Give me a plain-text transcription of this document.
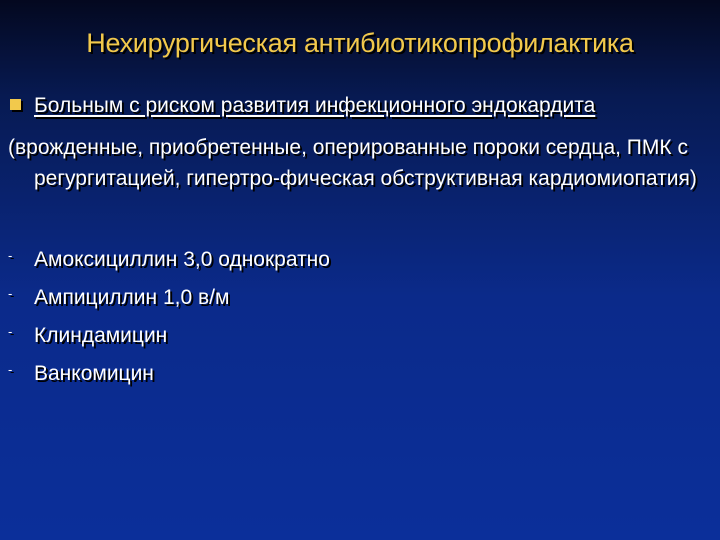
Нехирургическая антибиотикопрофилактика
Больным с риском развития инфекционного эндокардита
(врожденные, приобретенные, оперированные пороки сердца, ПМК с регургитацией, гипертро-фическая обструктивная кардиомиопатия)
- Амоксициллин 3,0 однократно
- Ампициллин 1,0 в/м
- Клиндамицин
- Ванкомицин
